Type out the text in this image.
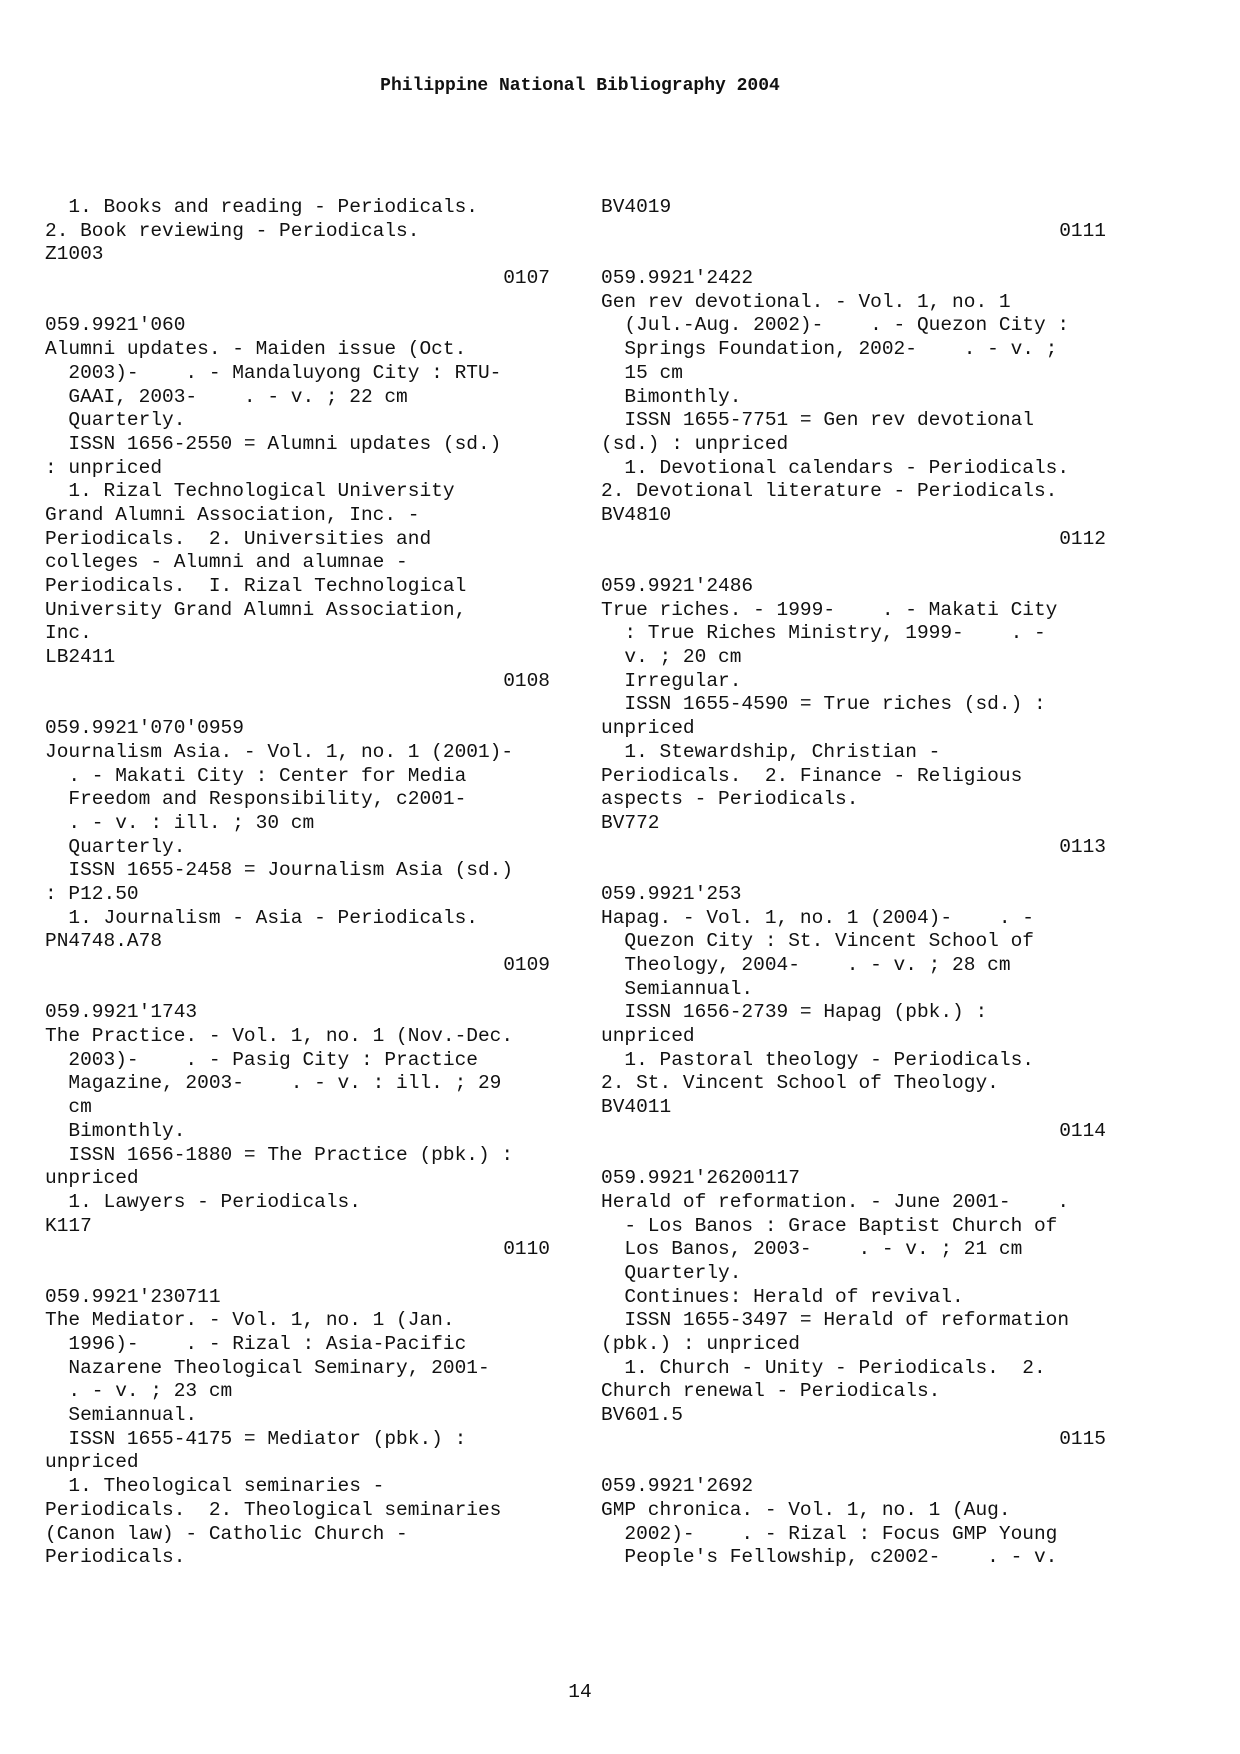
Philippine National Bibliography 2004
1. Books and reading - Periodicals.
2. Book reviewing - Periodicals.
Z1003
0107
059.9921'060
Alumni updates. - Maiden issue (Oct.
2003)-    . - Mandaluyong City : RTU-
GAAI, 2003-    . - v. ; 22 cm
Quarterly.
ISSN 1656-2550 = Alumni updates (sd.)
: unpriced
1. Rizal Technological University
Grand Alumni Association, Inc. -
Periodicals.  2. Universities and
colleges - Alumni and alumnae -
Periodicals.  I. Rizal Technological
University Grand Alumni Association,
Inc.
LB2411
0108
059.9921'070'0959
Journalism Asia. - Vol. 1, no. 1 (2001)-
. - Makati City : Center for Media
Freedom and Responsibility, c2001-
. - v. : ill. ; 30 cm
Quarterly.
ISSN 1655-2458 = Journalism Asia (sd.)
: P12.50
1. Journalism - Asia - Periodicals.
PN4748.A78
0109
059.9921'1743
The Practice. - Vol. 1, no. 1 (Nov.-Dec.
2003)-    . - Pasig City : Practice
Magazine, 2003-    . - v. : ill. ; 29
cm
Bimonthly.
ISSN 1656-1880 = The Practice (pbk.) :
unpriced
1. Lawyers - Periodicals.
K117
0110
059.9921'230711
The Mediator. - Vol. 1, no. 1 (Jan.
1996)-    . - Rizal : Asia-Pacific
Nazarene Theological Seminary, 2001-
. - v. ; 23 cm
Semiannual.
ISSN 1655-4175 = Mediator (pbk.) :
unpriced
1. Theological seminaries -
Periodicals.  2. Theological seminaries
(Canon law) - Catholic Church -
Periodicals.
BV4019
0111
059.9921'2422
Gen rev devotional. - Vol. 1, no. 1
(Jul.-Aug. 2002)-    . - Quezon City :
Springs Foundation, 2002-    . - v. ;
15 cm
Bimonthly.
ISSN 1655-7751 = Gen rev devotional
(sd.) : unpriced
1. Devotional calendars - Periodicals.
2. Devotional literature - Periodicals.
BV4810
0112
059.9921'2486
True riches. - 1999-    . - Makati City
: True Riches Ministry, 1999-    . -
v. ; 20 cm
Irregular.
ISSN 1655-4590 = True riches (sd.) :
unpriced
1. Stewardship, Christian -
Periodicals.  2. Finance - Religious
aspects - Periodicals.
BV772
0113
059.9921'253
Hapag. - Vol. 1, no. 1 (2004)-    . -
Quezon City : St. Vincent School of
Theology, 2004-    . - v. ; 28 cm
Semiannual.
ISSN 1656-2739 = Hapag (pbk.) :
unpriced
1. Pastoral theology - Periodicals.
2. St. Vincent School of Theology.
BV4011
0114
059.9921'26200117
Herald of reformation. - June 2001-    .
- Los Banos : Grace Baptist Church of
Los Banos, 2003-    . - v. ; 21 cm
Quarterly.
Continues: Herald of revival.
ISSN 1655-3497 = Herald of reformation
(pbk.) : unpriced
1. Church - Unity - Periodicals.  2.
Church renewal - Periodicals.
BV601.5
0115
059.9921'2692
GMP chronica. - Vol. 1, no. 1 (Aug.
2002)-    . - Rizal : Focus GMP Young
People's Fellowship, c2002-    . - v.
14
